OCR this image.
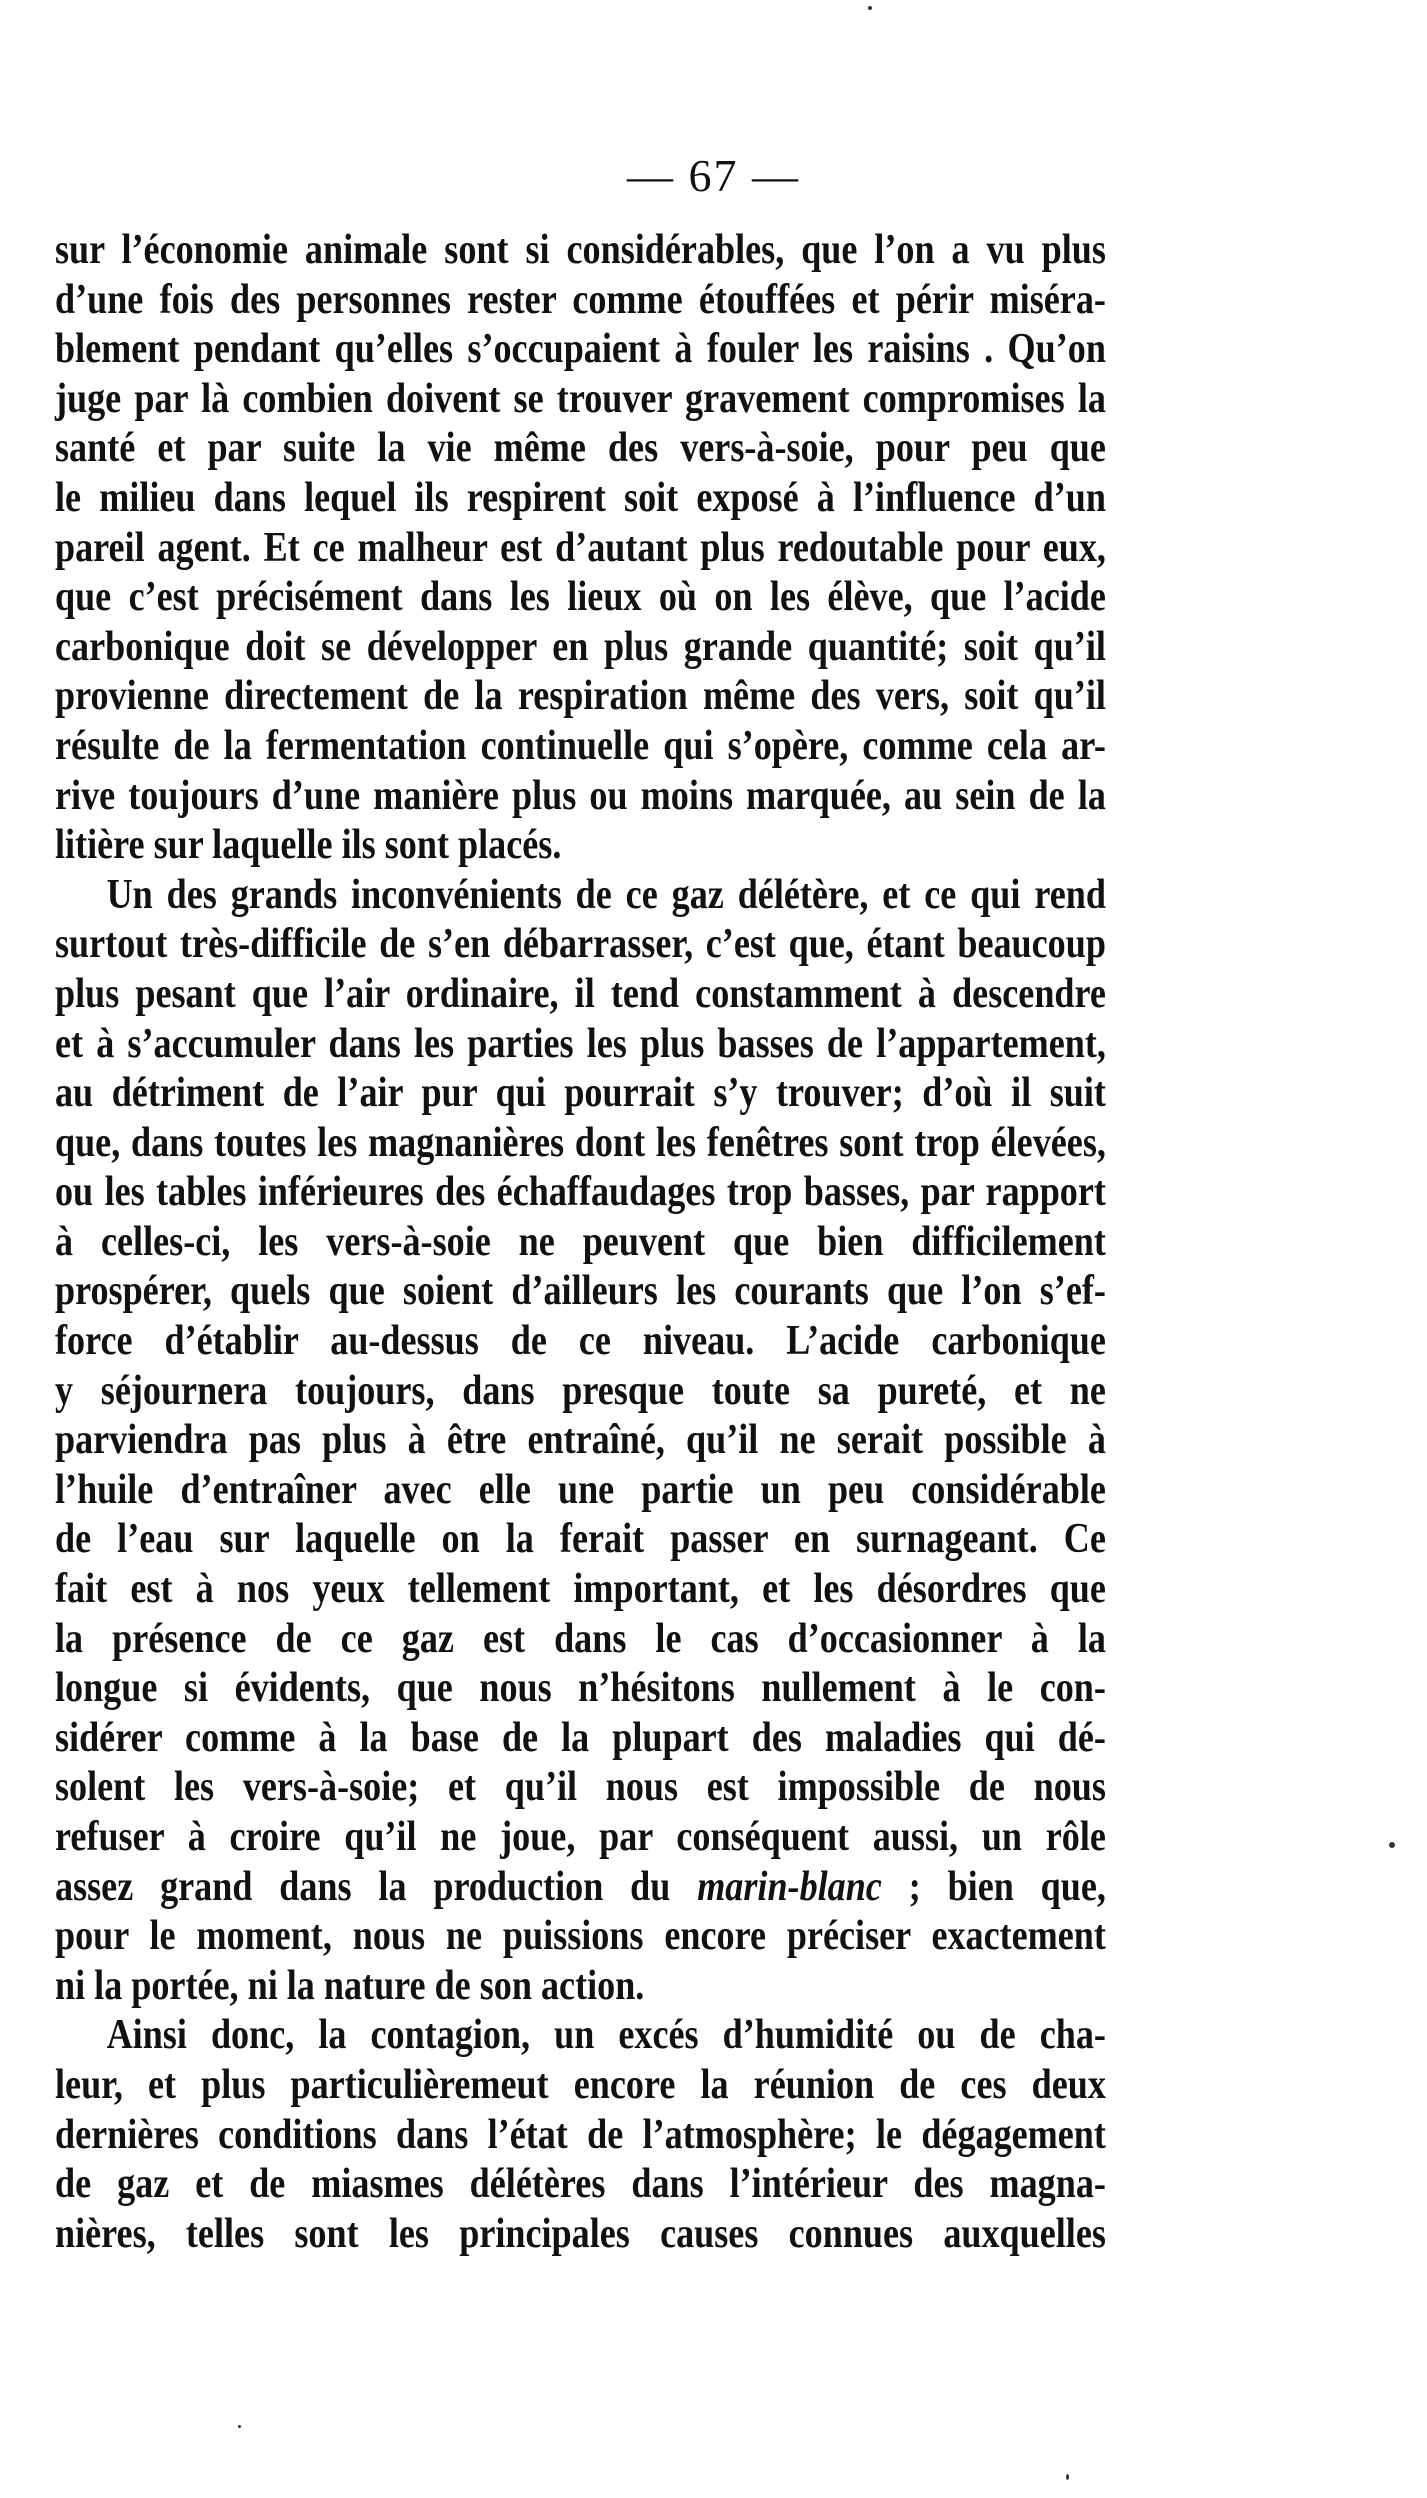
— 67 —
sur l’économie animale sont si considérables, que l’on a vu plus
d’une fois des personnes rester comme étouffées et périr miséra-
blement pendant qu’elles s’occupaient à fouler les raisins . Qu’on
juge par là combien doivent se trouver gravement compromises la
santé et par suite la vie même des vers-à-soie, pour peu que
le milieu dans lequel ils respirent soit exposé à l’influence d’un
pareil agent. Et ce malheur est d’autant plus redoutable pour eux,
que c’est précisément dans les lieux où on les élève, que l’acide
carbonique doit se développer en plus grande quantité; soit qu’il
provienne directement de la respiration même des vers, soit qu’il
résulte de la fermentation continuelle qui s’opère, comme cela ar-
rive toujours d’une manière plus ou moins marquée, au sein de la
litière sur laquelle ils sont placés.
Un des grands inconvénients de ce gaz délétère, et ce qui rend
surtout très-difficile de s’en débarrasser, c’est que, étant beaucoup
plus pesant que l’air ordinaire, il tend constamment à descendre
et à s’accumuler dans les parties les plus basses de l’appartement,
au détriment de l’air pur qui pourrait s’y trouver; d’où il suit
que, dans toutes les magnanières dont les fenêtres sont trop élevées,
ou les tables inférieures des échaffaudages trop basses, par rapport
à celles-ci, les vers-à-soie ne peuvent que bien difficilement
prospérer, quels que soient d’ailleurs les courants que l’on s’ef-
force d’établir au-dessus de ce niveau. L’acide carbonique
y séjournera toujours, dans presque toute sa pureté, et ne
parviendra pas plus à être entraîné, qu’il ne serait possible à
l’huile d’entraîner avec elle une partie un peu considérable
de l’eau sur laquelle on la ferait passer en surnageant. Ce
fait est à nos yeux tellement important, et les désordres que
la présence de ce gaz est dans le cas d’occasionner à la
longue si évidents, que nous n’hésitons nullement à le con-
sidérer comme à la base de la plupart des maladies qui dé-
solent les vers-à-soie; et qu’il nous est impossible de nous
refuser à croire qu’il ne joue, par conséquent aussi, un rôle
assez grand dans la production du marin-blanc ; bien que,
pour le moment, nous ne puissions encore préciser exactement
ni la portée, ni la nature de son action.
Ainsi donc, la contagion, un excés d’humidité ou de cha-
leur, et plus particulièremeut encore la réunion de ces deux
dernières conditions dans l’état de l’atmosphère; le dégagement
de gaz et de miasmes délétères dans l’intérieur des magna-
nières, telles sont les principales causes connues auxquelles
